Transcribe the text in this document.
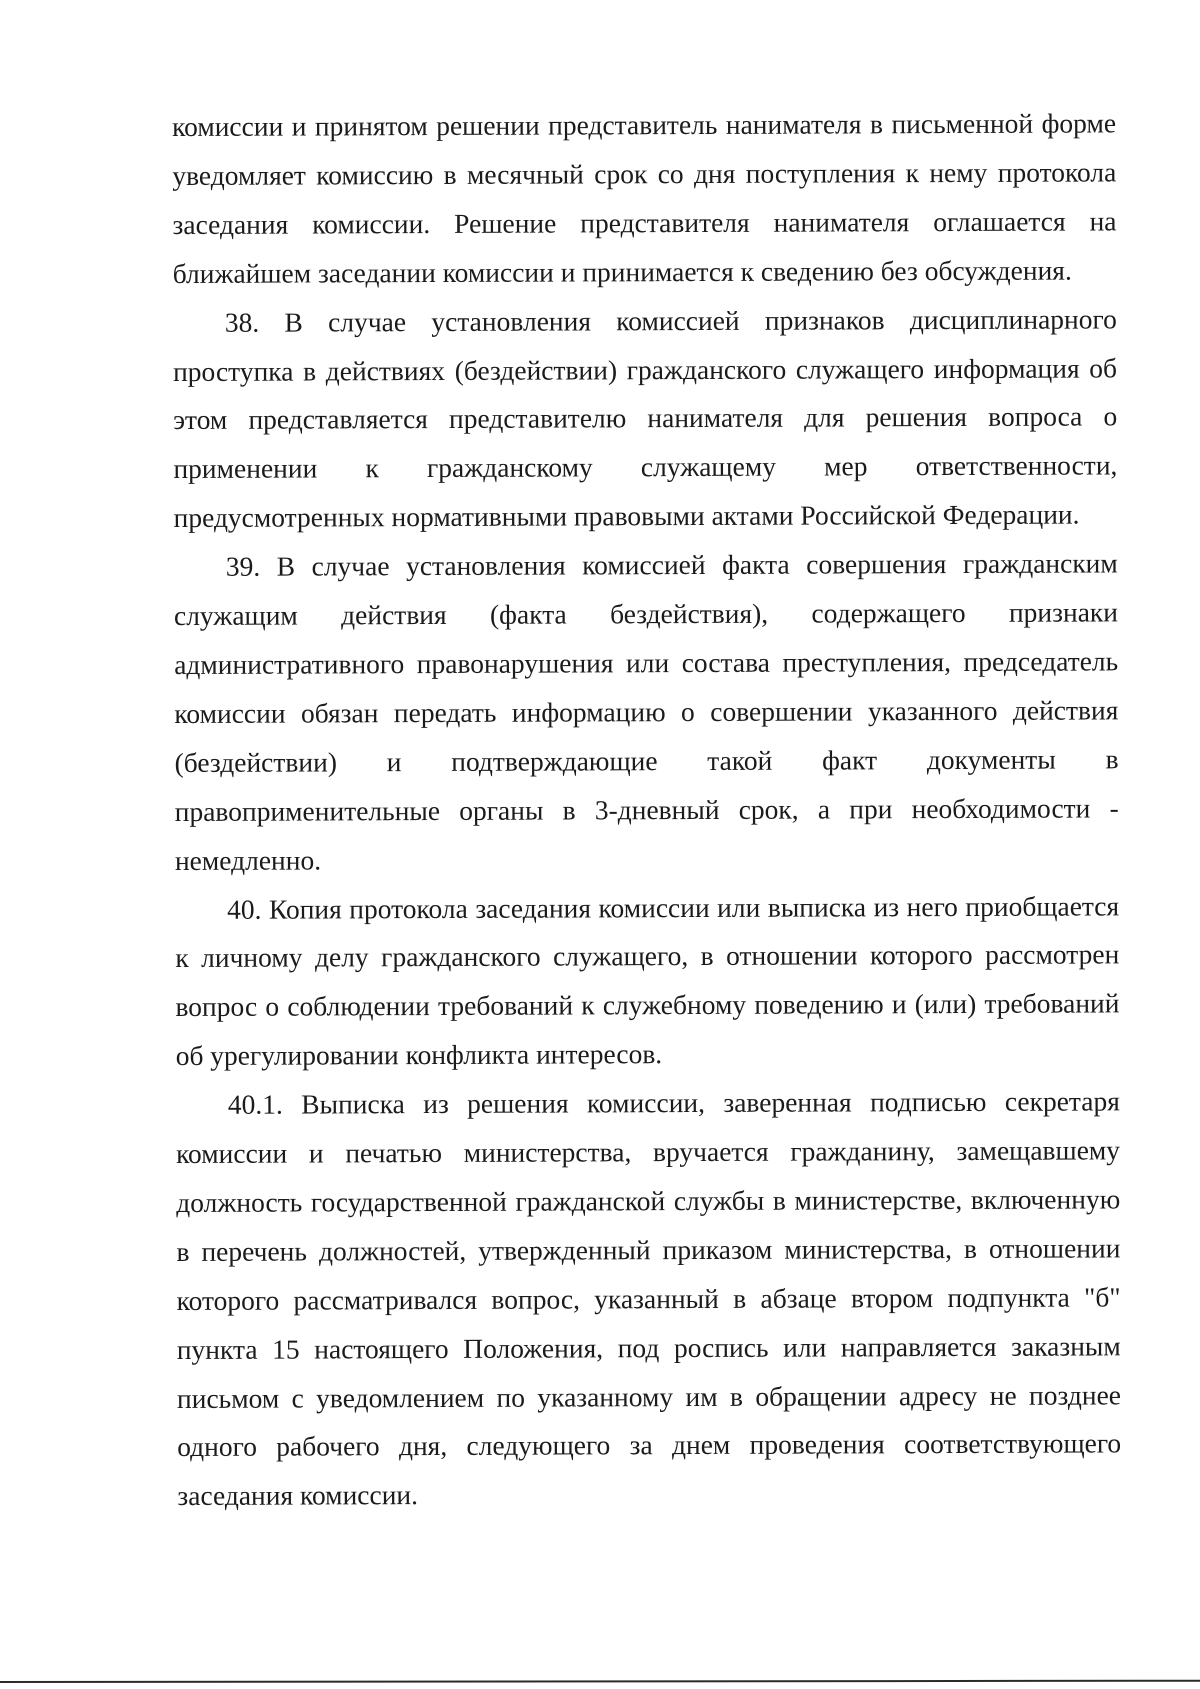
комиссии и принятом решении представитель нанимателя в письменной форме уведомляет комиссию в месячный срок со дня поступления к нему протокола заседания комиссии. Решение представителя нанимателя оглашается на ближайшем заседании комиссии и принимается к сведению без обсуждения.

38. В случае установления комиссией признаков дисциплинарного проступка в действиях (бездействии) гражданского служащего информация об этом представляется представителю нанимателя для решения вопроса о применении к гражданскому служащему мер ответственности, предусмотренных нормативными правовыми актами Российской Федерации.

39. В случае установления комиссией факта совершения гражданским служащим действия (факта бездействия), содержащего признаки административного правонарушения или состава преступления, председатель комиссии обязан передать информацию о совершении указанного действия (бездействии) и подтверждающие такой факт документы в правоприменительные органы в 3-дневный срок, а при необходимости - немедленно.

40. Копия протокола заседания комиссии или выписка из него приобщается к личному делу гражданского служащего, в отношении которого рассмотрен вопрос о соблюдении требований к служебному поведению и (или) требований об урегулировании конфликта интересов.

40.1. Выписка из решения комиссии, заверенная подписью секретаря комиссии и печатью министерства, вручается гражданину, замещавшему должность государственной гражданской службы в министерстве, включенную в перечень должностей, утвержденный приказом министерства, в отношении которого рассматривался вопрос, указанный в абзаце втором подпункта "б" пункта 15 настоящего Положения, под роспись или направляется заказным письмом с уведомлением по указанному им в обращении адресу не позднее одного рабочего дня, следующего за днем проведения соответствующего заседания комиссии.
